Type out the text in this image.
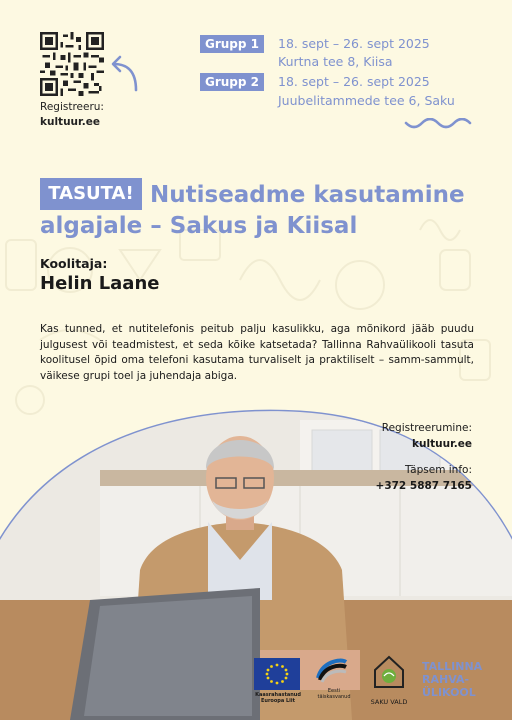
Registreeru:
kultuur.ee
Grupp 1	18. sept – 26. sept 2025
Kurtna tee 8, Kiisa
Grupp 2	18. sept – 26. sept 2025
Juubelitammede tee 6, Saku
Nutiseadme kasutamine algajale – Sakus ja Kiisal
TASUTA!
Koolitaja:
Helin Laane
Kas tunned, et nutitelefonis peitub palju kasulikku, aga mõnikord jääb puudu julgusest või teadmistest, et seda kõike katsetada? Tallinna Rahvaülikooli tasuta koolitusel õpid oma telefoni kasutama turvaliselt ja praktiliselt – samm-sammult, väikese grupi toel ja juhendaja abiga.
Registreerumine:
kultuur.ee
Täpsem info:
+372 5887 7165
Kaasrahastanud Euroopa Liit
Eesti täiskasvanud
SAKU VALD
TALLINNA
RAHVA-
ÜLIKOOL
